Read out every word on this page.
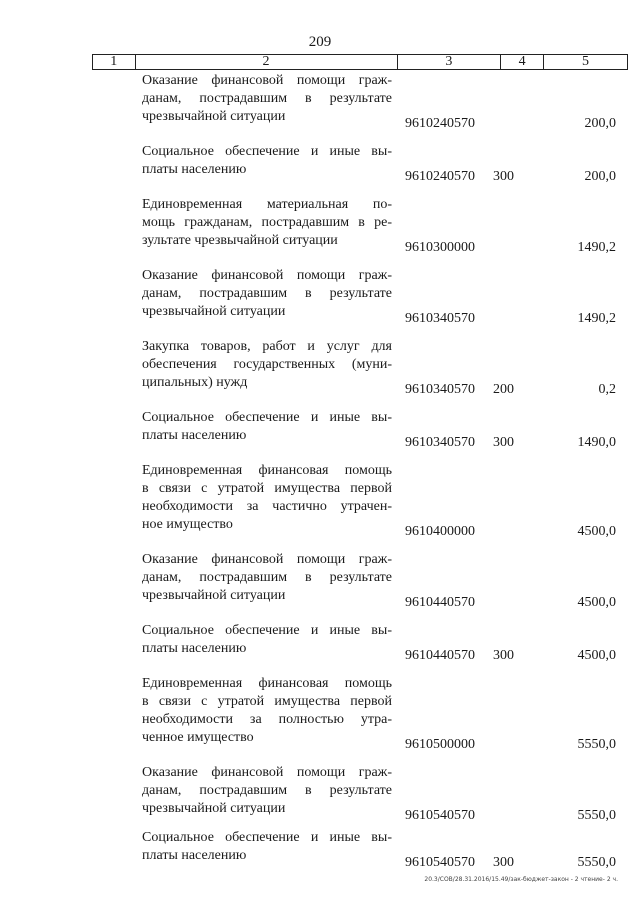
209
1	2	3	4	5
Оказание финансовой помощи граж-
данам, пострадавшим в результате
чрезвычайной ситуации	9610240570	200,0
Социальное обеспечение и иные вы-
платы населению	9610240570 300	200,0
Единовременная материальная по-
мощь гражданам, пострадавшим в ре-
зультате чрезвычайной ситуации	9610300000	1490,2
Оказание финансовой помощи граж-
данам, пострадавшим в результате
чрезвычайной ситуации	9610340570	1490,2
Закупка товаров, работ и услуг для
обеспечения государственных (муни-
ципальных) нужд	9610340570 200	0,2
Социальное обеспечение и иные вы-
платы населению	9610340570 300	1490,0
Единовременная финансовая помощь
в связи с утратой имущества первой
необходимости за частично утрачен-
ное имущество	9610400000	4500,0
Оказание финансовой помощи граж-
данам, пострадавшим в результате
чрезвычайной ситуации	9610440570	4500,0
Социальное обеспечение и иные вы-
платы населению	9610440570 300	4500,0
Единовременная финансовая помощь
в связи с утратой имущества первой
необходимости за полностью утра-
ченное имущество	9610500000	5550,0
Оказание финансовой помощи граж-
данам, пострадавшим в результате
чрезвычайной ситуации	9610540570	5550,0
Социальное обеспечение и иные вы-
платы населению	9610540570 300	5550,0
20.3/СОВ/28.31.2016/15.49/зак-бюджет-закон - 2 чтение- 2 ч.
